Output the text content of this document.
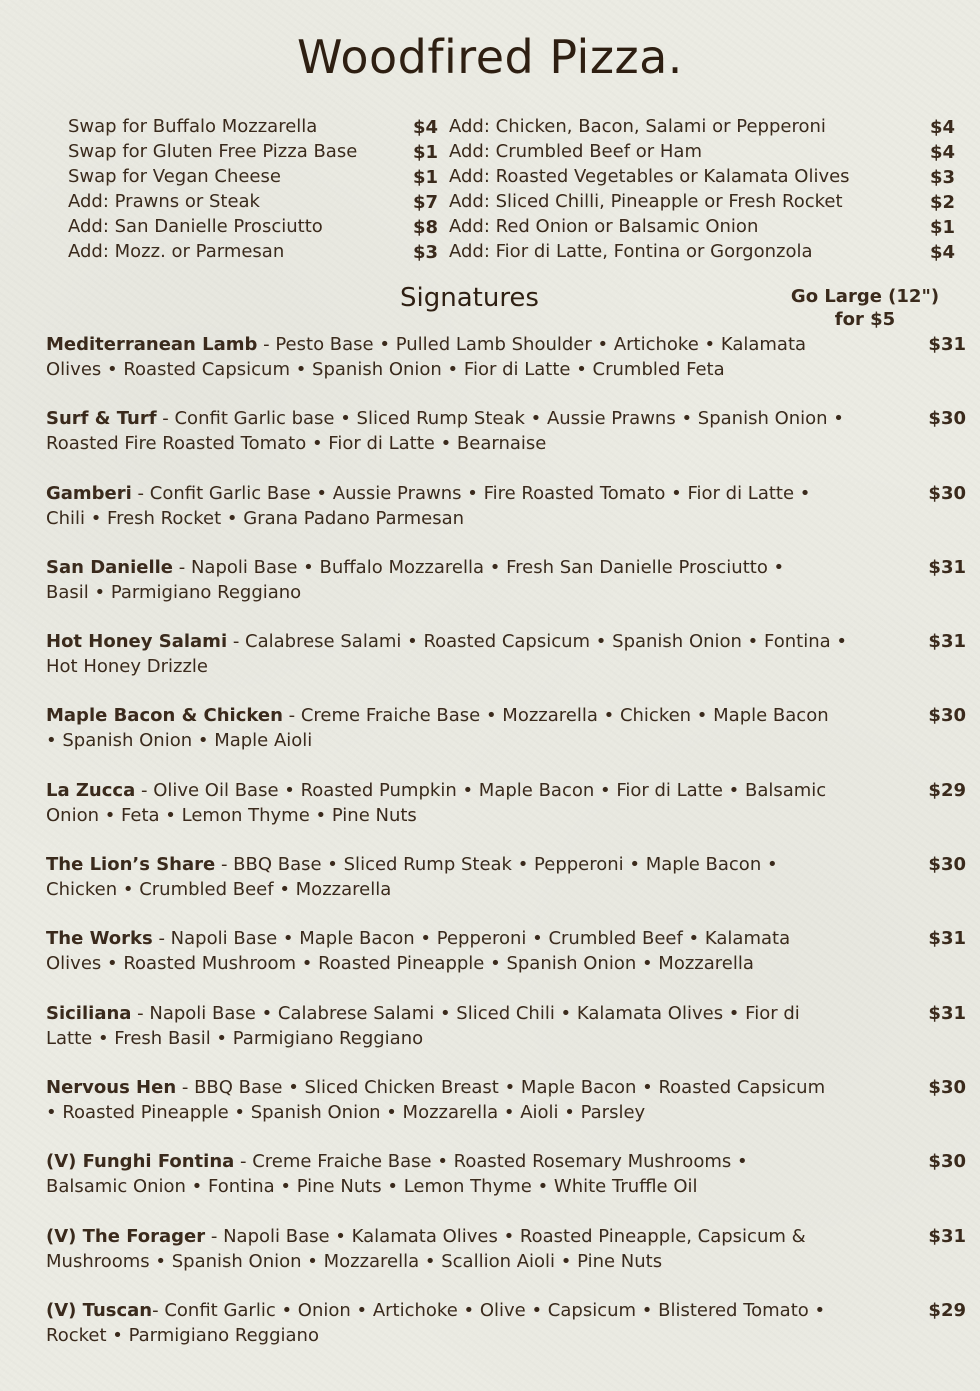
Woodfired Pizza.
Swap for Buffalo Mozzarella	$4
Swap for Gluten Free Pizza Base	$1
Swap for Vegan Cheese	$1
Add: Prawns or Steak	$7
Add: San Danielle Prosciutto	$8
Add: Mozz. or Parmesan	$3
Add: Chicken, Bacon, Salami or Pepperoni	$4
Add: Crumbled Beef or Ham	$4
Add: Roasted Vegetables or Kalamata Olives	$3
Add: Sliced Chilli, Pineapple or Fresh Rocket	$2
Add: Red Onion or Balsamic Onion	$1
Add: Fior di Latte, Fontina or Gorgonzola	$4
Signatures	Go Large (12")
for $5
Mediterranean Lamb - Pesto Base • Pulled Lamb Shoulder • Artichoke • Kalamata
Olives • Roasted Capsicum • Spanish Onion • Fior di Latte • Crumbled Feta
$31
Surf & Turf - Confit Garlic base • Sliced Rump Steak • Aussie Prawns • Spanish Onion •
Roasted Fire Roasted Tomato • Fior di Latte • Bearnaise
$30
Gamberi - Confit Garlic Base • Aussie Prawns • Fire Roasted Tomato • Fior di Latte •
Chili • Fresh Rocket • Grana Padano Parmesan
$30
San Danielle - Napoli Base • Buffalo Mozzarella • Fresh San Danielle Prosciutto •
Basil • Parmigiano Reggiano
$31
Hot Honey Salami - Calabrese Salami • Roasted Capsicum • Spanish Onion • Fontina •
Hot Honey Drizzle
$31
Maple Bacon & Chicken - Creme Fraiche Base • Mozzarella • Chicken • Maple Bacon
• Spanish Onion • Maple Aioli
$30
La Zucca - Olive Oil Base • Roasted Pumpkin • Maple Bacon • Fior di Latte • Balsamic
Onion • Feta • Lemon Thyme • Pine Nuts
$29
The Lion’s Share - BBQ Base • Sliced Rump Steak • Pepperoni • Maple Bacon •
Chicken • Crumbled Beef • Mozzarella
$30
The Works - Napoli Base • Maple Bacon • Pepperoni • Crumbled Beef • Kalamata
Olives • Roasted Mushroom • Roasted Pineapple • Spanish Onion • Mozzarella
$31
Siciliana - Napoli Base • Calabrese Salami • Sliced Chili • Kalamata Olives • Fior di
Latte • Fresh Basil • Parmigiano Reggiano
$31
Nervous Hen - BBQ Base • Sliced Chicken Breast • Maple Bacon • Roasted Capsicum
• Roasted Pineapple • Spanish Onion • Mozzarella • Aioli • Parsley
$30
(V) Funghi Fontina - Creme Fraiche Base • Roasted Rosemary Mushrooms •
Balsamic Onion • Fontina • Pine Nuts • Lemon Thyme • White Truffle Oil
$30
(V) The Forager - Napoli Base • Kalamata Olives • Roasted Pineapple, Capsicum &
Mushrooms • Spanish Onion • Mozzarella • Scallion Aioli • Pine Nuts
$31
(V) Tuscan- Confit Garlic • Onion • Artichoke • Olive • Capsicum • Blistered Tomato •
Rocket • Parmigiano Reggiano
$29
